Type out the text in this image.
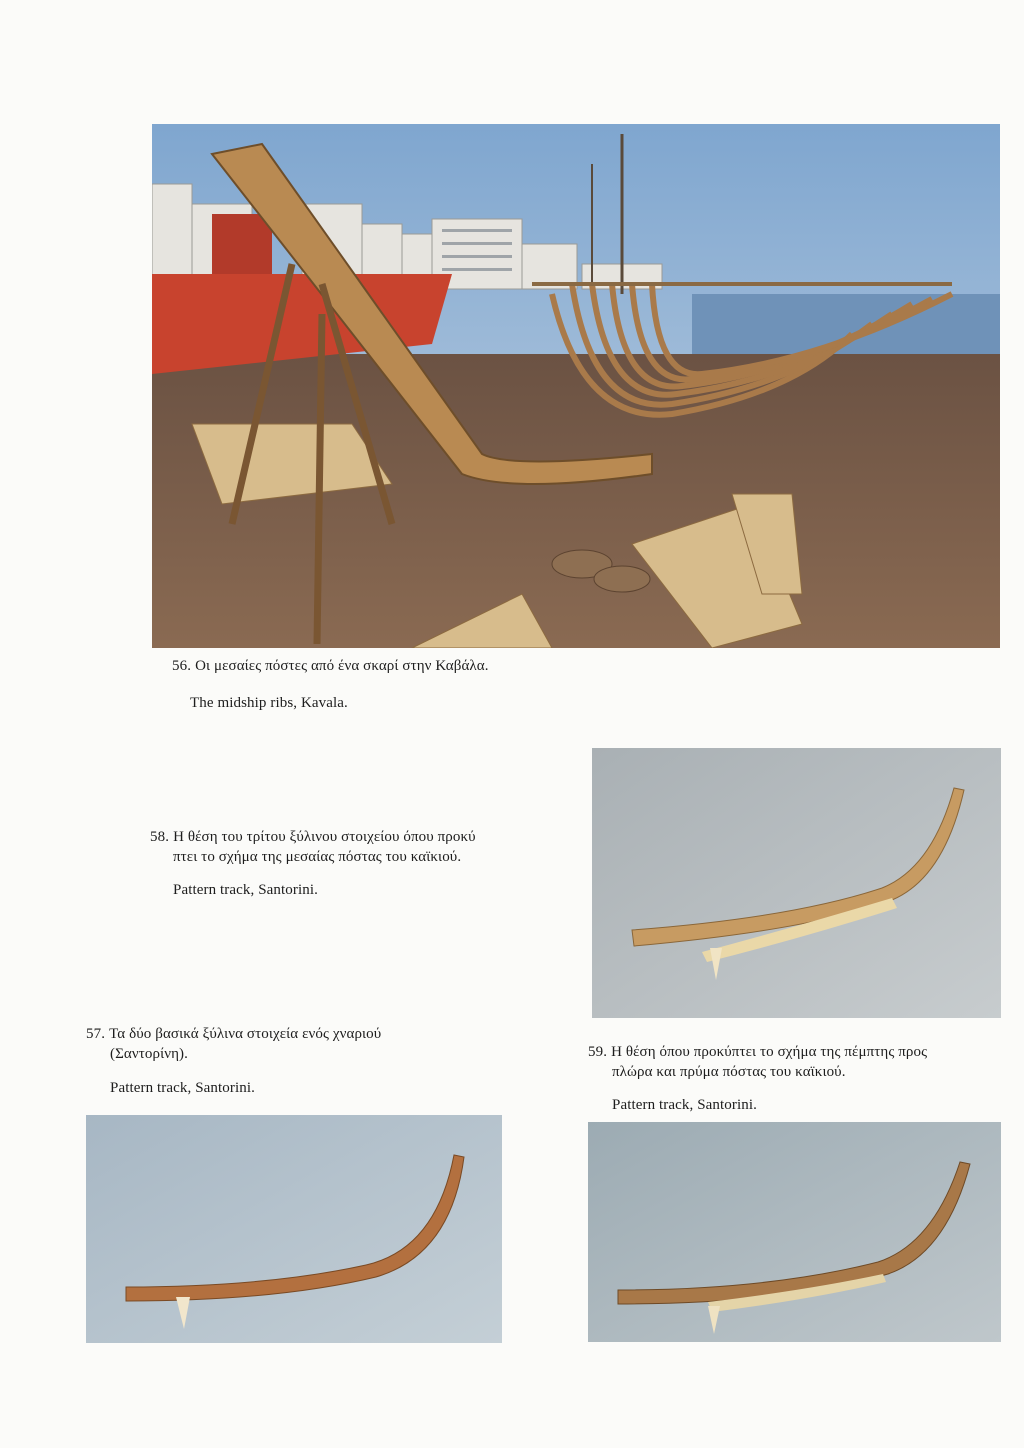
56. Οι μεσαίες πόστες από ένα σκαρί στην Καβάλα.

The midship ribs, Kavala.

58. Η θέση του τρίτου ξύλινου στοιχείου όπου προκύ

πτει το σχήμα της μεσαίας πόστας του καϊκιού.

Pattern track, Santorini.

57. Τα δύο βασικά ξύλινα στοιχεία ενός χναριού

(Σαντορίνη).

Pattern track, Santorini.

59. Η θέση όπου προκύπτει το σχήμα της πέμπτης προς

πλώρα και πρύμα πόστας του καϊκιού.

Pattern track, Santorini.
